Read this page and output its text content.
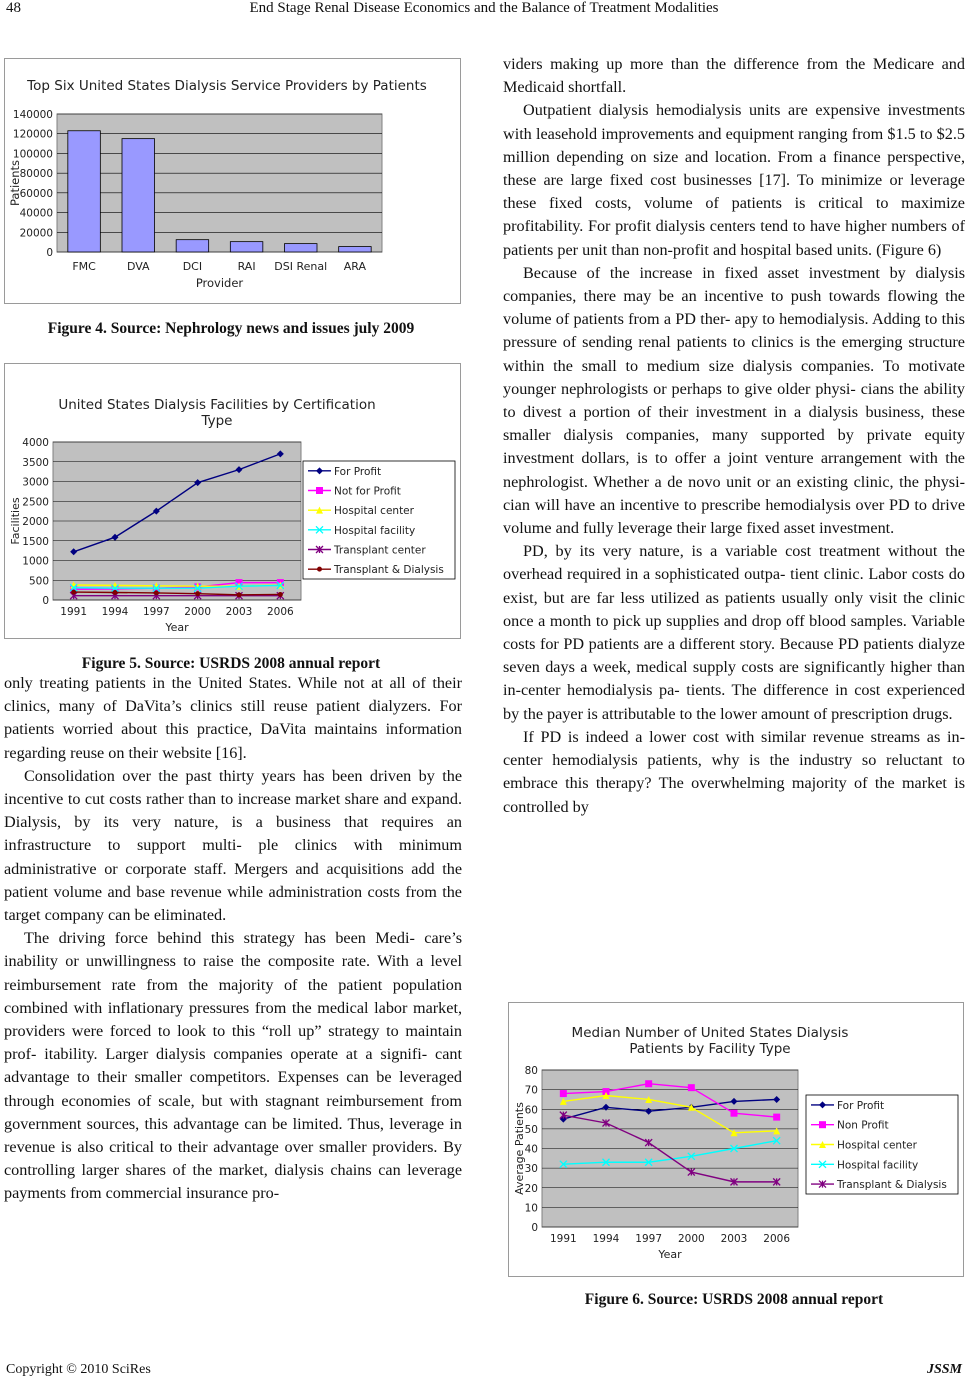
48	End Stage Renal Disease Economics and the Balance of Treatment Modalities
Top Six United States Dialysis Service Providers by Patients
140000
120000
100000
80000
60000
40000
20000
0
FMC	DVA	DCI	RAI DSI Renal ARA
Provider
Patients
Figure 4. Source: Nephrology news and issues july 2009
United States Dialysis Facilities by Certification Type
4000
3500
3000
2500
2000
1500
1000
500
0
1991 1994 1997 2000 2003 2006
Year
Facilities
For Profit
Not for Profit
Hospital center
Hospital facility
Transplant center
Transplant & Dialysis
Figure 5. Source: USRDS 2008 annual report

only treating patients in the United States. While not at all of their clinics, many of DaVita’s clinics still reuse patient dialyzers. For patients worried about this practice, DaVita maintains information regarding reuse on their website [16].

Consolidation over the past thirty years has been driven by the incentive to cut costs rather than to increase market share and expand. Dialysis, by its very nature, is a business that requires an infrastructure to support multi- ple clinics with minimum administrative or corporate staff. Mergers and acquisitions add the patient volume and base revenue while administration costs from the target company can be eliminated.

The driving force behind this strategy has been Medi- care’s inability or unwillingness to raise the composite rate. With a level reimbursement rate from the majority of the patient population combined with inflationary pressures from the medical labor market, providers were forced to look to this “roll up” strategy to maintain prof- itability. Larger dialysis companies operate at a signifi- cant advantage to their smaller competitors. Expenses can be leveraged through economies of scale, but with stagnant reimbursement from government sources, this advantage can be limited. Thus, leverage in revenue is also critical to their advantage over smaller providers. By controlling larger shares of the market, dialysis chains can leverage payments from commercial insurance pro-

viders making up more than the difference from the Medicare and Medicaid shortfall.

Outpatient dialysis hemodialysis units are expensive investments with leasehold improvements and equipment ranging from $1.5 to $2.5 million depending on size and location. From a finance perspective, these are large fixed cost businesses [17]. To minimize or leverage these fixed costs, volume of patients is critical to maximize profitability. For profit dialysis centers tend to have higher numbers of patients per unit than non-profit and hospital based units. (Figure 6)

Because of the increase in fixed asset investment by dialysis companies, there may be an incentive to push towards flowing the volume of patients from a PD ther- apy to hemodialysis. Adding to this pressure of sending renal patients to clinics is the emerging structure within the small to medium size dialysis companies. To motivate younger nephrologists or perhaps to give older physi- cians the ability to divest a portion of their investment in a dialysis business, these smaller dialysis companies, many supported by private equity investment dollars, is to offer a joint venture arrangement with the nephrologist. Whether a de novo unit or an existing clinic, the physi- cian will have an incentive to prescribe hemodialysis over PD to drive volume and fully leverage their large fixed asset investment.

PD, by its very nature, is a variable cost treatment without the overhead required in a sophisticated outpa- tient clinic. Labor costs do exist, but are far less utilized as patients usually only visit the clinic once a month to pick up supplies and drop off blood samples. Variable costs for PD patients are a different story. Because PD patients dialyze seven days a week, medical supply costs are significantly higher than in-center hemodialysis pa- tients. The difference in cost experienced by the payer is attributable to the lower amount of prescription drugs.

If PD is indeed a lower cost with similar revenue streams as in-center hemodialysis patients, why is the industry so reluctant to embrace this therapy? The overwhelming majority of the market is controlled by

Median Number of United States Dialysis Patients by Facility Type
80
70
60
50
40
30
20
10
0
1991 1994 1997 2000 2003 2006
Year
Average Patients	For Profit
Non Profit
Hospital center
Hospital facility
Transplant & Dialysis
Figure 6. Source: USRDS 2008 annual report
Copyright © 2010 SciRes	JSSM
